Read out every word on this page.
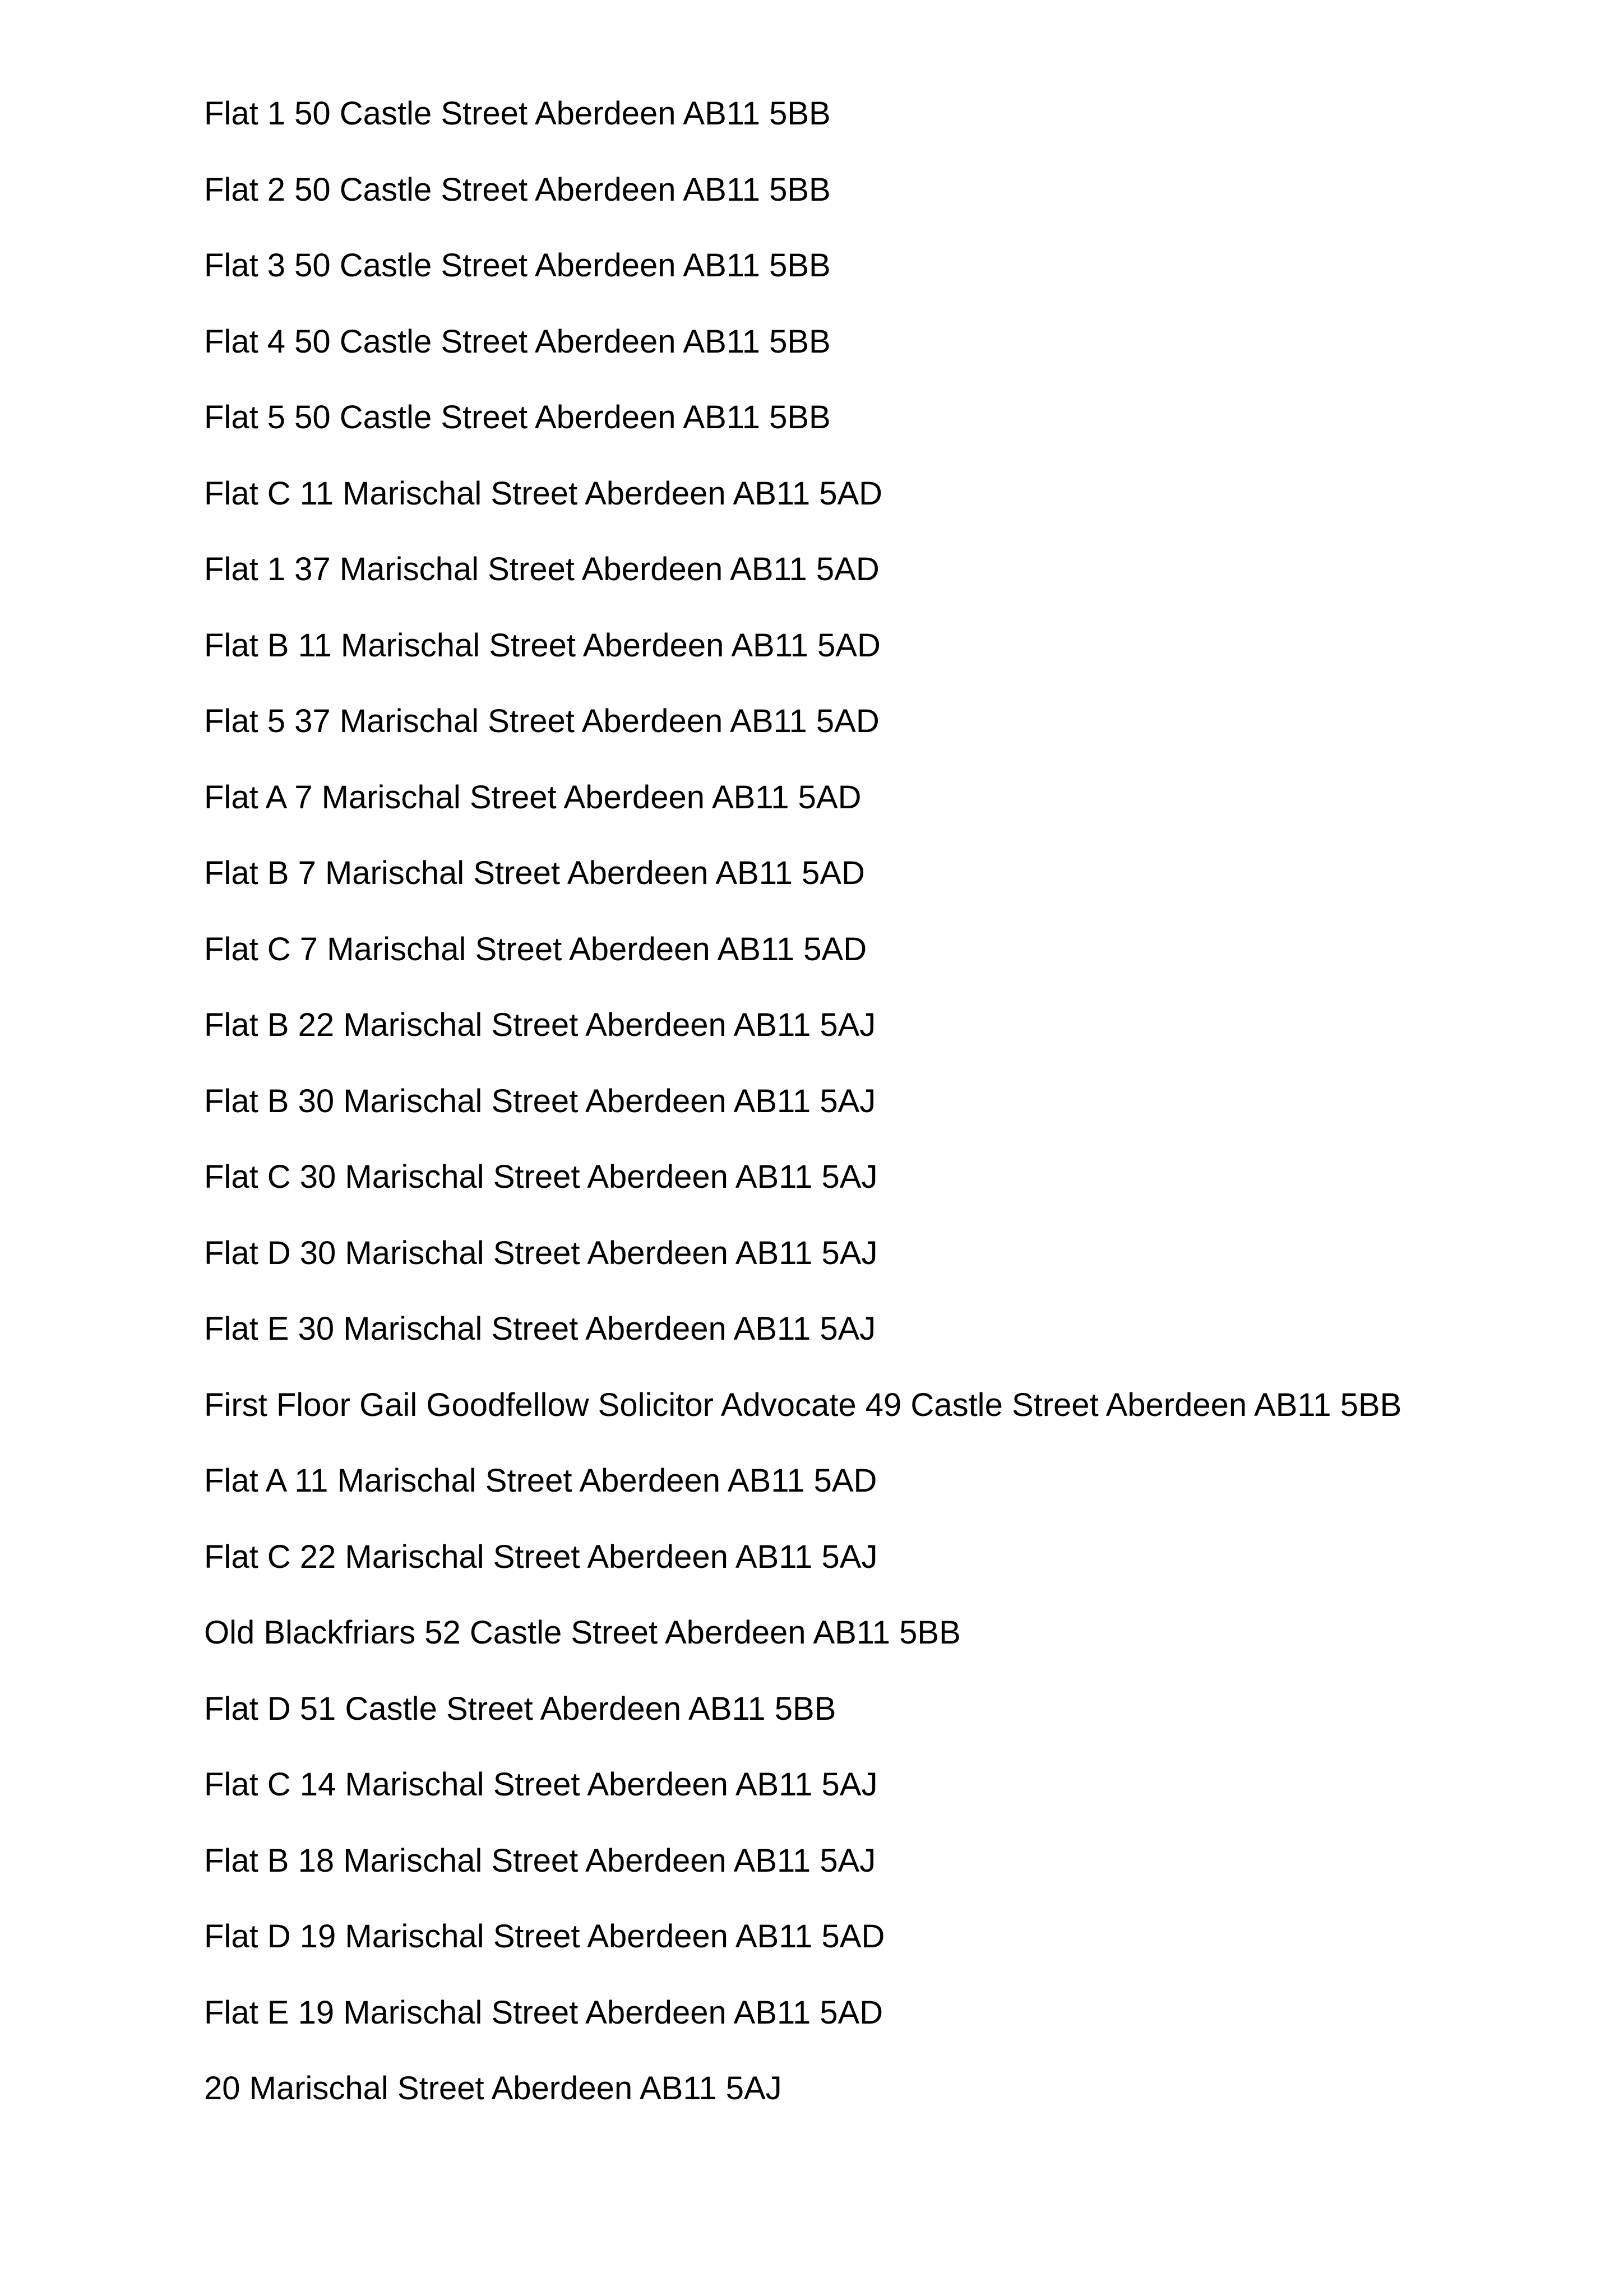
Flat 1 50 Castle Street Aberdeen AB11 5BB
Flat 2 50 Castle Street Aberdeen AB11 5BB
Flat 3 50 Castle Street Aberdeen AB11 5BB
Flat 4 50 Castle Street Aberdeen AB11 5BB
Flat 5 50 Castle Street Aberdeen AB11 5BB
Flat C 11 Marischal Street Aberdeen AB11 5AD
Flat 1 37 Marischal Street Aberdeen AB11 5AD
Flat B 11 Marischal Street Aberdeen AB11 5AD
Flat 5 37 Marischal Street Aberdeen AB11 5AD
Flat A 7 Marischal Street Aberdeen AB11 5AD
Flat B 7 Marischal Street Aberdeen AB11 5AD
Flat C 7 Marischal Street Aberdeen AB11 5AD
Flat B 22 Marischal Street Aberdeen AB11 5AJ
Flat B 30 Marischal Street Aberdeen AB11 5AJ
Flat C 30 Marischal Street Aberdeen AB11 5AJ
Flat D 30 Marischal Street Aberdeen AB11 5AJ
Flat E 30 Marischal Street Aberdeen AB11 5AJ
First Floor Gail Goodfellow Solicitor Advocate 49 Castle Street Aberdeen AB11 5BB
Flat A 11 Marischal Street Aberdeen AB11 5AD
Flat C 22 Marischal Street Aberdeen AB11 5AJ
Old Blackfriars 52 Castle Street Aberdeen AB11 5BB
Flat D 51 Castle Street Aberdeen AB11 5BB
Flat C 14 Marischal Street Aberdeen AB11 5AJ
Flat B 18 Marischal Street Aberdeen AB11 5AJ
Flat D 19 Marischal Street Aberdeen AB11 5AD
Flat E 19 Marischal Street Aberdeen AB11 5AD
20 Marischal Street Aberdeen AB11 5AJ
